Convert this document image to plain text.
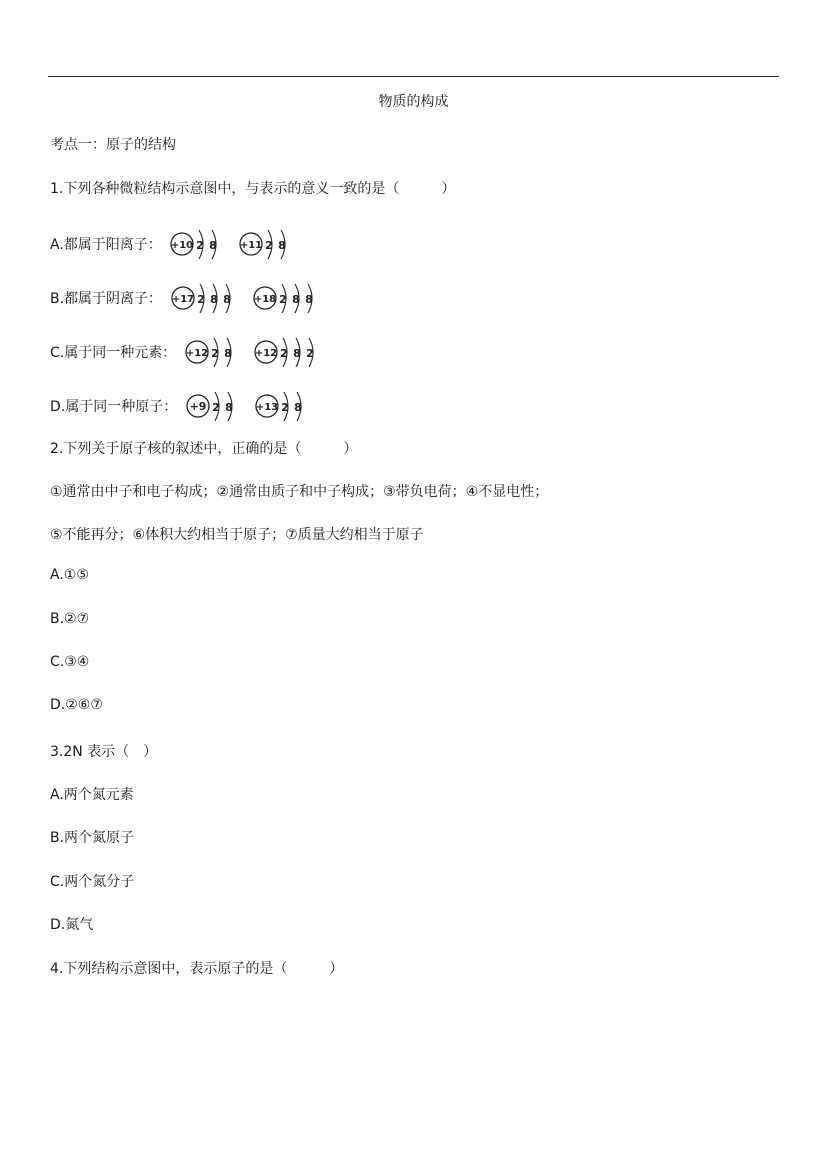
物质的构成
考点一：原子的结构
1.下列各种微粒结构示意图中，与表示的意义一致的是（　　　）
A.都属于阳离子： +10 2 8 +11 2 8
B.都属于阴离子： +17 2 8 8 +18 2 8 8
C.属于同一种元素： +12 2 8 +12 2 8 2
D.属于同一种原子： +9 2 8 +13 2 8
2.下列关于原子核的叙述中，正确的是（　　　）
①通常由中子和电子构成；②通常由质子和中子构成；③带负电荷；④不显电性；
⑤不能再分；⑥体积大约相当于原子；⑦质量大约相当于原子
A.①⑤
B.②⑦
C.③④
D.②⑥⑦
3.2N 表示（　）
A.两个氮元素
B.两个氮原子
C.两个氮分子
D.氮气
4.下列结构示意图中，表示原子的是（　　　）
